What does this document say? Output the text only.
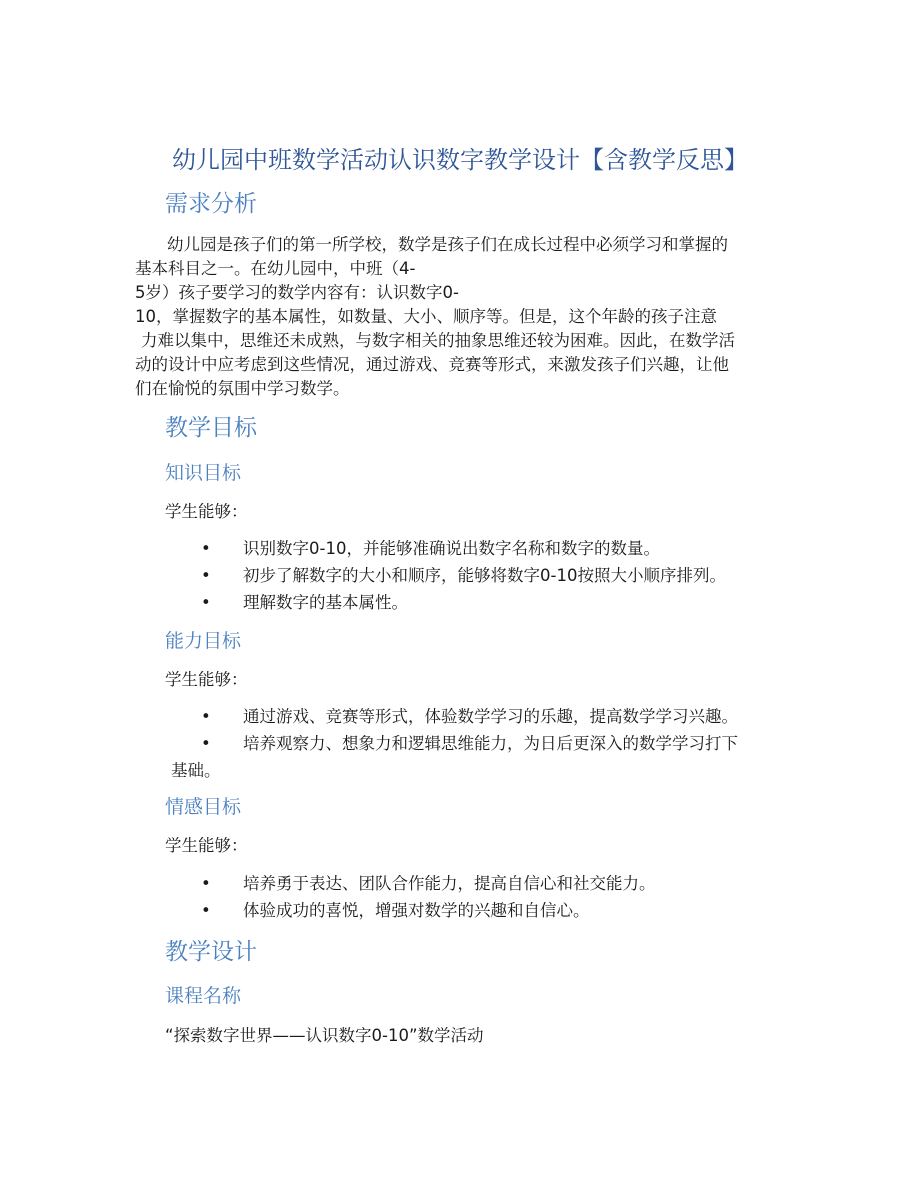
幼儿园中班数学活动认识数字教学设计【含教学反思】
需求分析
幼儿园是孩子们的第一所学校，数学是孩子们在成长过程中必须学习和掌握的
基本科目之一。在幼儿园中，中班（4-
5岁）孩子要学习的数学内容有：认识数字0-
10，掌握数字的基本属性，如数量、大小、顺序等。但是，这个年龄的孩子注意
力难以集中，思维还未成熟，与数字相关的抽象思维还较为困难。因此，在数学活
动的设计中应考虑到这些情况，通过游戏、竞赛等形式，来激发孩子们兴趣，让他
们在愉悦的氛围中学习数学。
教学目标
知识目标

学生能够：

• 识别数字0-10，并能够准确说出数字名称和数字的数量。
• 初步了解数字的大小和顺序，能够将数字0-10按照大小顺序排列。
• 理解数字的基本属性。
能力目标

学生能够：

• 通过游戏、竞赛等形式，体验数学学习的乐趣，提高数学学习兴趣。
• 培养观察力、想象力和逻辑思维能力，为日后更深入的数学学习打下
基础。
情感目标

学生能够：

• 培养勇于表达、团队合作能力，提高自信心和社交能力。
• 体验成功的喜悦，增强对数学的兴趣和自信心。
教学设计
课程名称

“探索数字世界——认识数字0-10”数学活动
